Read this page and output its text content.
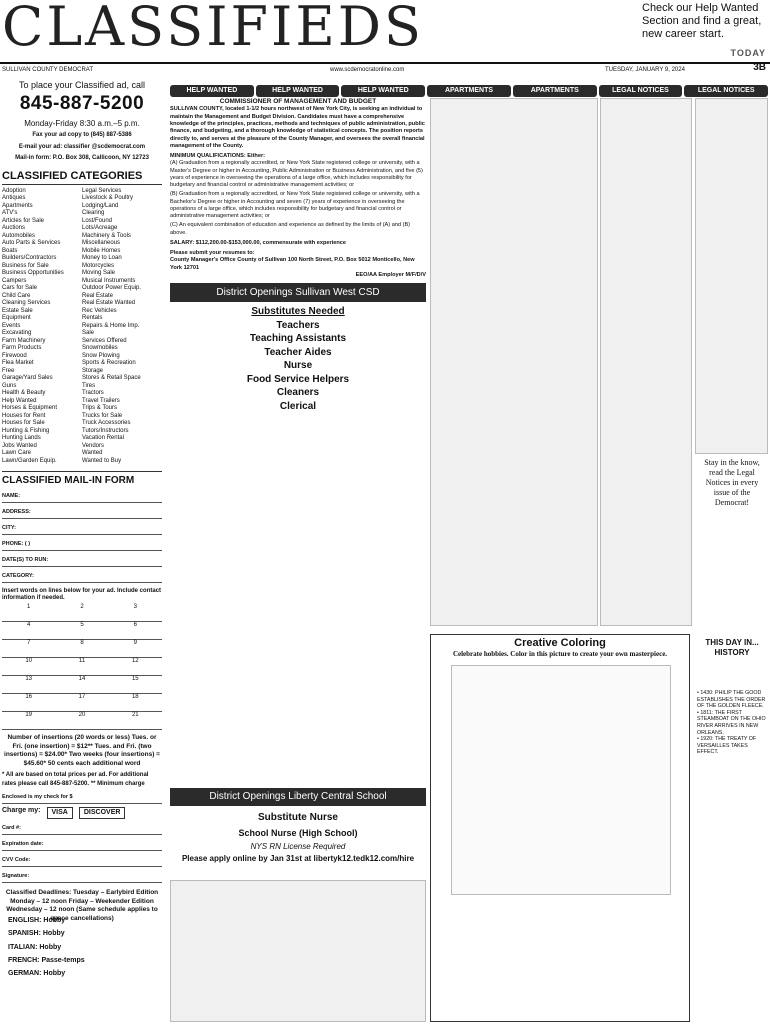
CLASSIFIEDS	Check our Help Wanted Section and find a great, new career start.
TODAY
SULLIVAN COUNTY DEMOCRAT	www.scdemocratonline.com	TUESDAY, JANUARY 9, 2024	3B
To place your Classified ad, call
845-887-5200
Monday-Friday 8:30 a.m.–5 p.m.
Fax your ad copy to (845) 887-5386
E-mail your ad: classifier @scdemocrat.com
Mail-in form: P.O. Box 308, Callicoon, NY 12723
CLASSIFIED CATEGORIES
Adoption	Legal Services
Antiques	Livestock & Poultry
Apartments	Lodging/Land
ATV's	Clearing
Articles for Sale	Lost/Found
Auctions	Lots/Acreage
Automobiles	Machinery & Tools
Auto Parts & Services	Miscellaneous
Boats	Mobile Homes
Builders/Contractors	Money to Loan
Business for Sale	Motorcycles
Business Opportunities	Moving Sale
Campers	Musical Instruments
Cars for Sale	Outdoor Power Equip.
Child Care	Real Estate
Cleaning Services	Real Estate Wanted
Estate Sale	Rec Vehicles
Equipment	Rentals
Events	Repairs & Home Imp.
Excavating	Sale
Farm Machinery	Services Offered
Farm Products	Snowmobiles
Firewood	Snow Plowing
Flea Market	Sports & Recreation
Free	Storage
Garage/Yard Sales	Stores & Retail Space
Guns	Tires
Health & Beauty	Tractors
Help Wanted	Travel Trailers
Horses & Equipment	Trips & Tours
Houses for Rent	Trucks for Sale
Houses for Sale	Truck Accessories
Hunting & Fishing	Tutors/Instructors
Hunting Lands	Vacation Rental
Jobs Wanted	Vendors
Lawn Care	Wanted
Lawn/Garden Equip.	Wanted to Buy
CLASSIFIED MAIL-IN FORM
NAME:
ADDRESS:
CITY:
PHONE: ( )
DATE(S) TO RUN:
CATEGORY:
Insert words on lines below for your ad. Include contact information if needed.
1	2	3
4	5	6
7	8	9
10	11	12
13	14	15
16	17	18
19	20	21
Number of insertions (20 words or less) Tues. or Fri. (one insertion) = $12** Tues. and Fri. (two insertions) = $24.00* Two weeks (four insertions) = $45.60* 50 cents each additional word
* All are based on total prices per ad. For additional rates please call 845-887-5200. ** Minimum charge
Enclosed is my check for $
Charge my:	VISA	DISCOVER
Card #:
Expiration date:
CVV Code:
Signature:
Classified Deadlines: Tuesday – Earlybird Edition Monday – 12 noon Friday – Weekender Edition Wednesday – 12 noon (Same schedule applies to space cancellations)
HELP WANTED	HELP WANTED	HELP WANTED	APARTMENTS	APARTMENTS	LEGAL NOTICES	LEGAL NOTICES
COMMISSIONER OF MANAGEMENT AND BUDGET

SULLIVAN COUNTY, located 1-1/2 hours northwest of New York City, is seeking an individual to maintain the Management and Budget Division. Candidates must have a comprehensive knowledge of the principles, practices, methods and techniques of public administration, public finance, and budgeting, and a thorough knowledge of statistical concepts. The position reports directly to, and serves at the pleasure of the County Manager, and oversees the overall financial management of the County.

MINIMUM QUALIFICATIONS: Either:

(A) Graduation from a regionally accredited, or New York State registered college or university, with a Master's Degree or higher in Accounting, Public Administration or Business Administration, and five (5) years of experience in overseeing the operations of a large office, which includes responsibility for budgetary and financial control or administrative management activities; or

(B) Graduation from a regionally accredited, or New York State registered college or university, with a Bachelor's Degree or higher in Accounting and seven (7) years of experience in overseeing the operations of a large office, which includes responsibility for budgetary and financial control or administrative management activities; or

(C) An equivalent combination of education and experience as defined by the limits of (A) and (B) above.

SALARY: $112,200.00-$153,000.00, commensurate with experience

Please submit your resumes to:

County Manager's Office County of Sullivan 100 North Street, P.O. Box 5012 Monticello, New York 12701

EEO/AA Employer M/F/D/V

District Openings Sullivan West CSD
Substitutes Needed
Teachers
Teaching Assistants
Teacher Aides
Nurse
Food Service Helpers
Cleaners
Clerical
District Openings Liberty Central School
Substitute Nurse
School Nurse (High School)
NYS RN License Required
Please apply online by Jan 31st at libertyk12.tedk12.com/hire
Stay in the know, read the Legal Notices in every issue of the Democrat!
Creative Coloring
Celebrate hobbies. Color in this picture to create your own masterpiece.
ENGLISH: Hobby
SPANISH: Hobby
ITALIAN: Hobby
FRENCH: Passe-temps
GERMAN: Hobby
THIS DAY IN... HISTORY
• 1430: PHILIP THE GOOD ESTABLISHES THE ORDER OF THE GOLDEN FLEECE.
• 1811: THE FIRST STEAMBOAT ON THE OHIO RIVER ARRIVES IN NEW ORLEANS.
• 1920: THE TREATY OF VERSAILLES TAKES EFFECT.
